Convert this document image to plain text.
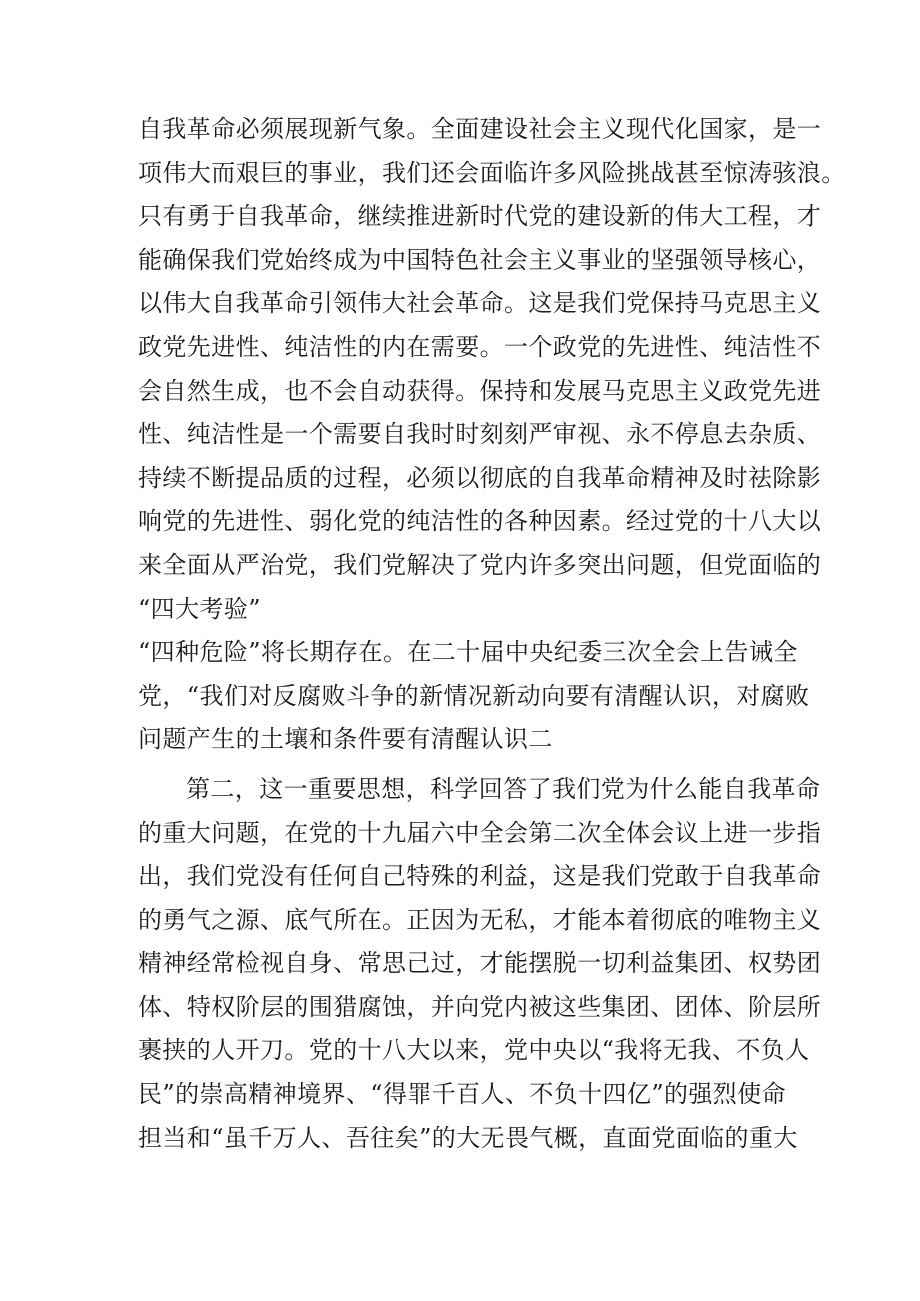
自我革命必须展现新气象。全面建设社会主义现代化国家，是一
项伟大而艰巨的事业，我们还会面临许多风险挑战甚至惊涛骇浪。
只有勇于自我革命，继续推进新时代党的建设新的伟大工程，才
能确保我们党始终成为中国特色社会主义事业的坚强领导核心，
以伟大自我革命引领伟大社会革命。这是我们党保持马克思主义
政党先进性、纯洁性的内在需要。一个政党的先进性、纯洁性不
会自然生成，也不会自动获得。保持和发展马克思主义政党先进
性、纯洁性是一个需要自我时时刻刻严审视、永不停息去杂质、
持续不断提品质的过程，必须以彻底的自我革命精神及时祛除影
响党的先进性、弱化党的纯洁性的各种因素。经过党的十八大以
来全面从严治党，我们党解决了党内许多突出问题，但党面临的
“四大考验”
“四种危险”将长期存在。在二十届中央纪委三次全会上告诫全
党，“我们对反腐败斗争的新情况新动向要有清醒认识，对腐败
问题产生的土壤和条件要有清醒认识二
第二，这一重要思想，科学回答了我们党为什么能自我革命
的重大问题，在党的十九届六中全会第二次全体会议上进一步指
出，我们党没有任何自己特殊的利益，这是我们党敢于自我革命
的勇气之源、底气所在。正因为无私，才能本着彻底的唯物主义
精神经常检视自身、常思己过，才能摆脱一切利益集团、权势团
体、特权阶层的围猎腐蚀，并向党内被这些集团、团体、阶层所
裹挟的人开刀。党的十八大以来，党中央以“我将无我、不负人
民”的崇高精神境界、“得罪千百人、不负十四亿”的强烈使命
担当和“虽千万人、吾往矣”的大无畏气概，直面党面临的重大
